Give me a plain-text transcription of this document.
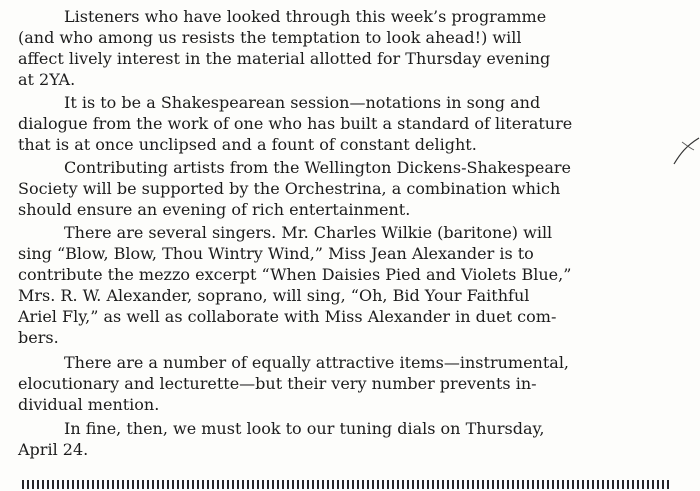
Listeners who have looked through this week’s programme
(and who among us resists the temptation to look ahead!) will
affect lively interest in the material allotted for Thursday evening
at 2YA.
It is to be a Shakespearean session—notations in song and
dialogue from the work of one who has built a standard of literature
that is at once unclipsed and a fount of constant delight.
Contributing artists from the Wellington Dickens-Shakespeare
Society will be supported by the Orchestrina, a combination which
should ensure an evening of rich entertainment.
There are several singers. Mr. Charles Wilkie (baritone) will
sing “Blow, Blow, Thou Wintry Wind,” Miss Jean Alexander is to
contribute the mezzo excerpt “When Daisies Pied and Violets Blue,”
Mrs. R. W. Alexander, soprano, will sing, “Oh, Bid Your Faithful
Ariel Fly,” as well as collaborate with Miss Alexander in duet com-
bers.
There are a number of equally attractive items—instrumental,
elocutionary and lecturette—but their very number prevents in-
dividual mention.
In fine, then, we must look to our tuning dials on Thursday,
April 24.
